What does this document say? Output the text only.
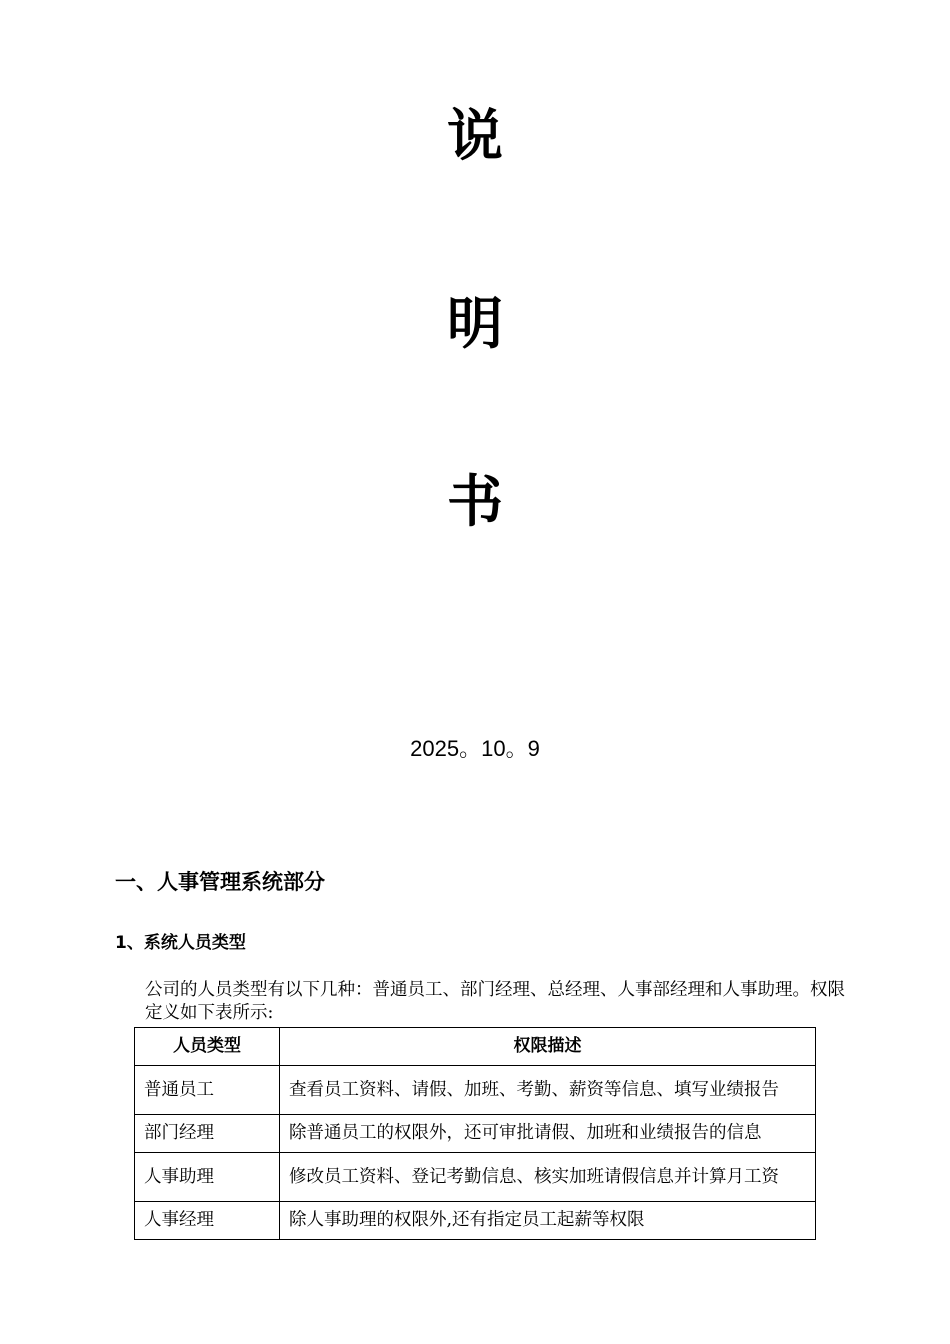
说
明
书
2025。10。9
一、人事管理系统部分
1、系统人员类型
公司的人员类型有以下几种：普通员工、部门经理、总经理、人事部经理和人事助理。权限定义如下表所示:
人员类型	权限描述
普通员工	查看员工资料、请假、加班、考勤、薪资等信息、填写业绩报告
部门经理	除普通员工的权限外，还可审批请假、加班和业绩报告的信息
人事助理	修改员工资料、登记考勤信息、核实加班请假信息并计算月工资
人事经理	除人事助理的权限外,还有指定员工起薪等权限
